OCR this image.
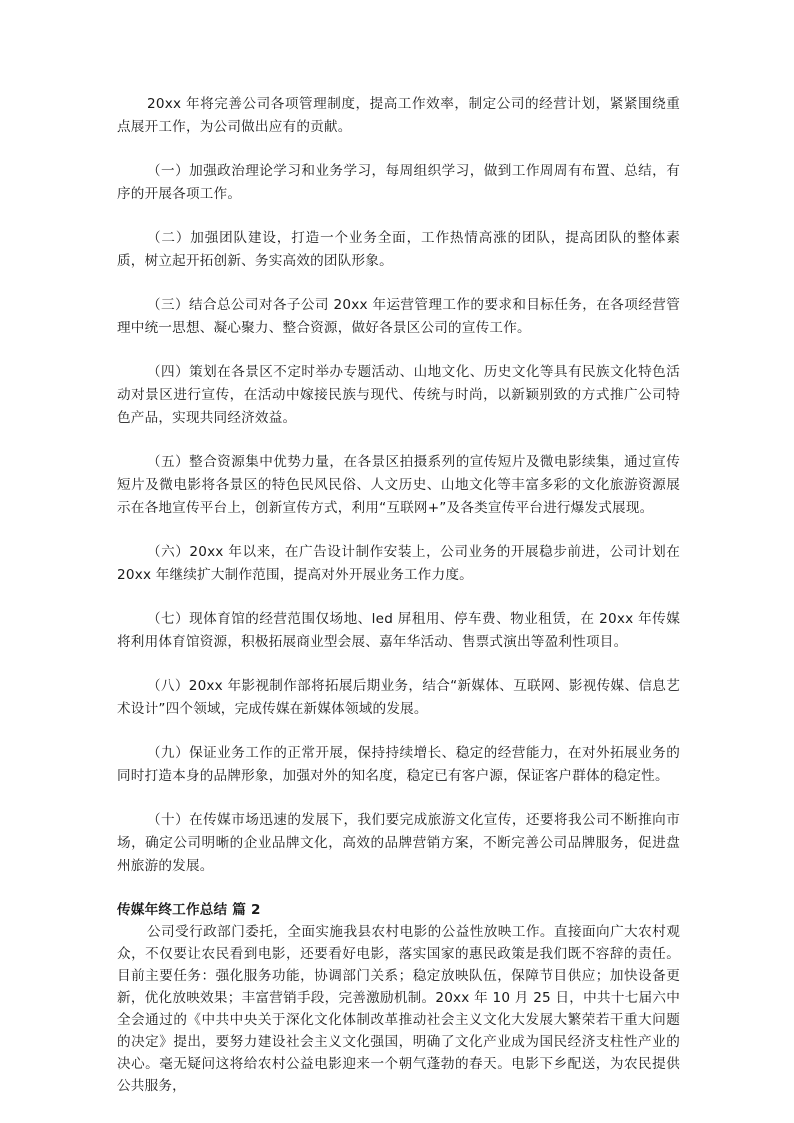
20xx 年将完善公司各项管理制度，提高工作效率，制定公司的经营计划，紧紧围绕重点展开工作，为公司做出应有的贡献。

（一）加强政治理论学习和业务学习，每周组织学习，做到工作周周有布置、总结，有序的开展各项工作。

（二）加强团队建设，打造一个业务全面，工作热情高涨的团队，提高团队的整体素质，树立起开拓创新、务实高效的团队形象。

（三）结合总公司对各子公司 20xx 年运营管理工作的要求和目标任务，在各项经营管理中统一思想、凝心聚力、整合资源，做好各景区公司的宣传工作。

（四）策划在各景区不定时举办专题活动、山地文化、历史文化等具有民族文化特色活动对景区进行宣传，在活动中嫁接民族与现代、传统与时尚，以新颖别致的方式推广公司特色产品，实现共同经济效益。

（五）整合资源集中优势力量，在各景区拍摄系列的宣传短片及微电影续集，通过宣传短片及微电影将各景区的特色民风民俗、人文历史、山地文化等丰富多彩的文化旅游资源展示在各地宣传平台上，创新宣传方式，利用“互联网+”及各类宣传平台进行爆发式展现。

（六）20xx 年以来，在广告设计制作安装上，公司业务的开展稳步前进，公司计划在 20xx 年继续扩大制作范围，提高对外开展业务工作力度。

（七）现体育馆的经营范围仅场地、led 屏租用、停车费、物业租赁，在 20xx 年传媒将利用体育馆资源，积极拓展商业型会展、嘉年华活动、售票式演出等盈利性项目。

（八）20xx 年影视制作部将拓展后期业务，结合“新媒体、互联网、影视传媒、信息艺术设计”四个领域，完成传媒在新媒体领域的发展。

（九）保证业务工作的正常开展，保持持续增长、稳定的经营能力，在对外拓展业务的同时打造本身的品牌形象，加强对外的知名度，稳定已有客户源，保证客户群体的稳定性。

（十）在传媒市场迅速的发展下，我们要完成旅游文化宣传，还要将我公司不断推向市场，确定公司明晰的企业品牌文化，高效的品牌营销方案，不断完善公司品牌服务，促进盘州旅游的发展。

传媒年终工作总结 篇 2

公司受行政部门委托，全面实施我县农村电影的公益性放映工作。直接面向广大农村观众，不仅要让农民看到电影，还要看好电影，落实国家的惠民政策是我们既不容辞的责任。目前主要任务：强化服务功能，协调部门关系；稳定放映队伍，保障节目供应；加快设备更新，优化放映效果；丰富营销手段，完善激励机制。20xx 年 10 月 25 日，中共十七届六中全会通过的《中共中央关于深化文化体制改革推动社会主义文化大发展大繁荣若干重大问题的决定》提出，要努力建设社会主义文化强国，明确了文化产业成为国民经济支柱性产业的决心。毫无疑问这将给农村公益电影迎来一个朝气蓬勃的春天。电影下乡配送，为农民提供公共服务，
